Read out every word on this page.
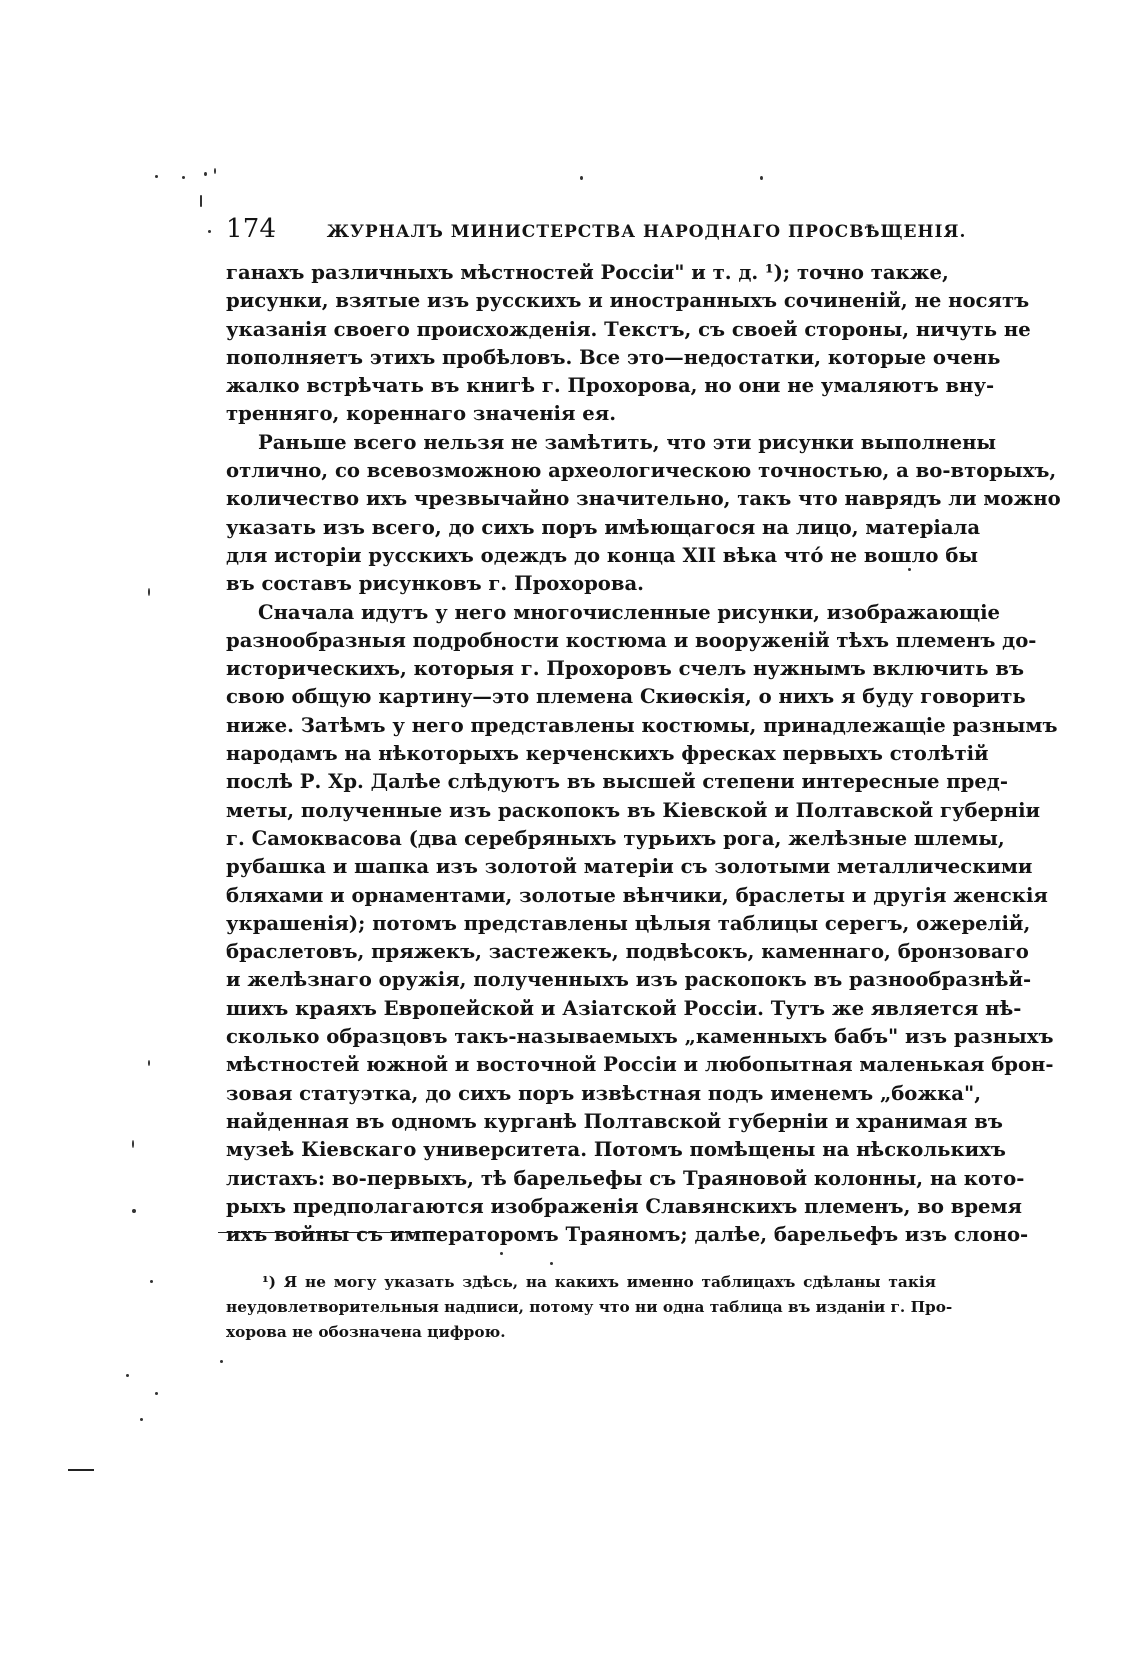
174	ЖУРНАЛЪ МИНИСТЕРСТВА НАРОДНАГО ПРОСВѢЩЕНІЯ.
ганахъ различныхъ мѣстностей Россіи" и т. д. ¹); точно также,
рисунки, взятые изъ русскихъ и иностранныхъ сочиненій, не носятъ
указанія своего происхожденія. Текстъ, съ своей стороны, ничуть не
пополняетъ этихъ пробѣловъ. Все это—недостатки, которые очень
жалко встрѣчать въ книгѣ г. Прохорова, но они не умаляютъ вну-
тренняго, кореннаго значенія ея.
Раньше всего нельзя не замѣтить, что эти рисунки выполнены
отлично, со всевозможною археологическою точностью, а во-вторыхъ,
количество ихъ чрезвычайно значительно, такъ что наврядъ ли можно
указать изъ всего, до сихъ поръ имѣющагося на лицо, матеріала
для исторіи русскихъ одеждъ до конца XII вѣка что́ не вошло бы
въ составъ рисунковъ г. Прохорова.
Сначала идутъ у него многочисленные рисунки, изображающіе
разнообразныя подробности костюма и вооруженій тѣхъ племенъ до-
историческихъ, которыя г. Прохоровъ счелъ нужнымъ включить въ
свою общую картину—это племена Скиѳскія, о нихъ я буду говорить
ниже. Затѣмъ у него представлены костюмы, принадлежащіе разнымъ
народамъ на нѣкоторыхъ керченскихъ фресках первыхъ столѣтій
послѣ Р. Хр. Далѣе слѣдуютъ въ высшей степени интересные пред-
меты, полученные изъ раскопокъ въ Кіевской и Полтавской губерніи
г. Самоквасова (два серебряныхъ турьихъ рога, желѣзные шлемы,
рубашка и шапка изъ золотой матеріи съ золотыми металлическими
бляхами и орнаментами, золотые вѣнчики, браслеты и другія женскія
украшенія); потомъ представлены цѣлыя таблицы серегъ, ожерелій,
браслетовъ, пряжекъ, застежекъ, подвѣсокъ, каменнаго, бронзоваго
и желѣзнаго оружія, полученныхъ изъ раскопокъ въ разнообразнѣй-
шихъ краяхъ Европейской и Азіатской Россіи. Тутъ же является нѣ-
сколько образцовъ такъ-называемыхъ „каменныхъ бабъ" изъ разныхъ
мѣстностей южной и восточной Россіи и любопытная маленькая брон-
зовая статуэтка, до сихъ поръ извѣстная подъ именемъ „божка",
найденная въ одномъ курганѣ Полтавской губерніи и хранимая въ
музеѣ Кіевскаго университета. Потомъ помѣщены на нѣсколькихъ
листахъ: во-первыхъ, тѣ барельефы съ Траяновой колонны, на кото-
рыхъ предполагаются изображенія Славянскихъ племенъ, во время
ихъ войны съ императоромъ Траяномъ; далѣе, барельефъ изъ слоно-
¹) Я не могу указать здѣсь, на какихъ именно таблицахъ сдѣланы такія
неудовлетворительныя надписи, потому что ни одна таблица въ изданіи г. Про-
хорова не обозначена цифрою.
